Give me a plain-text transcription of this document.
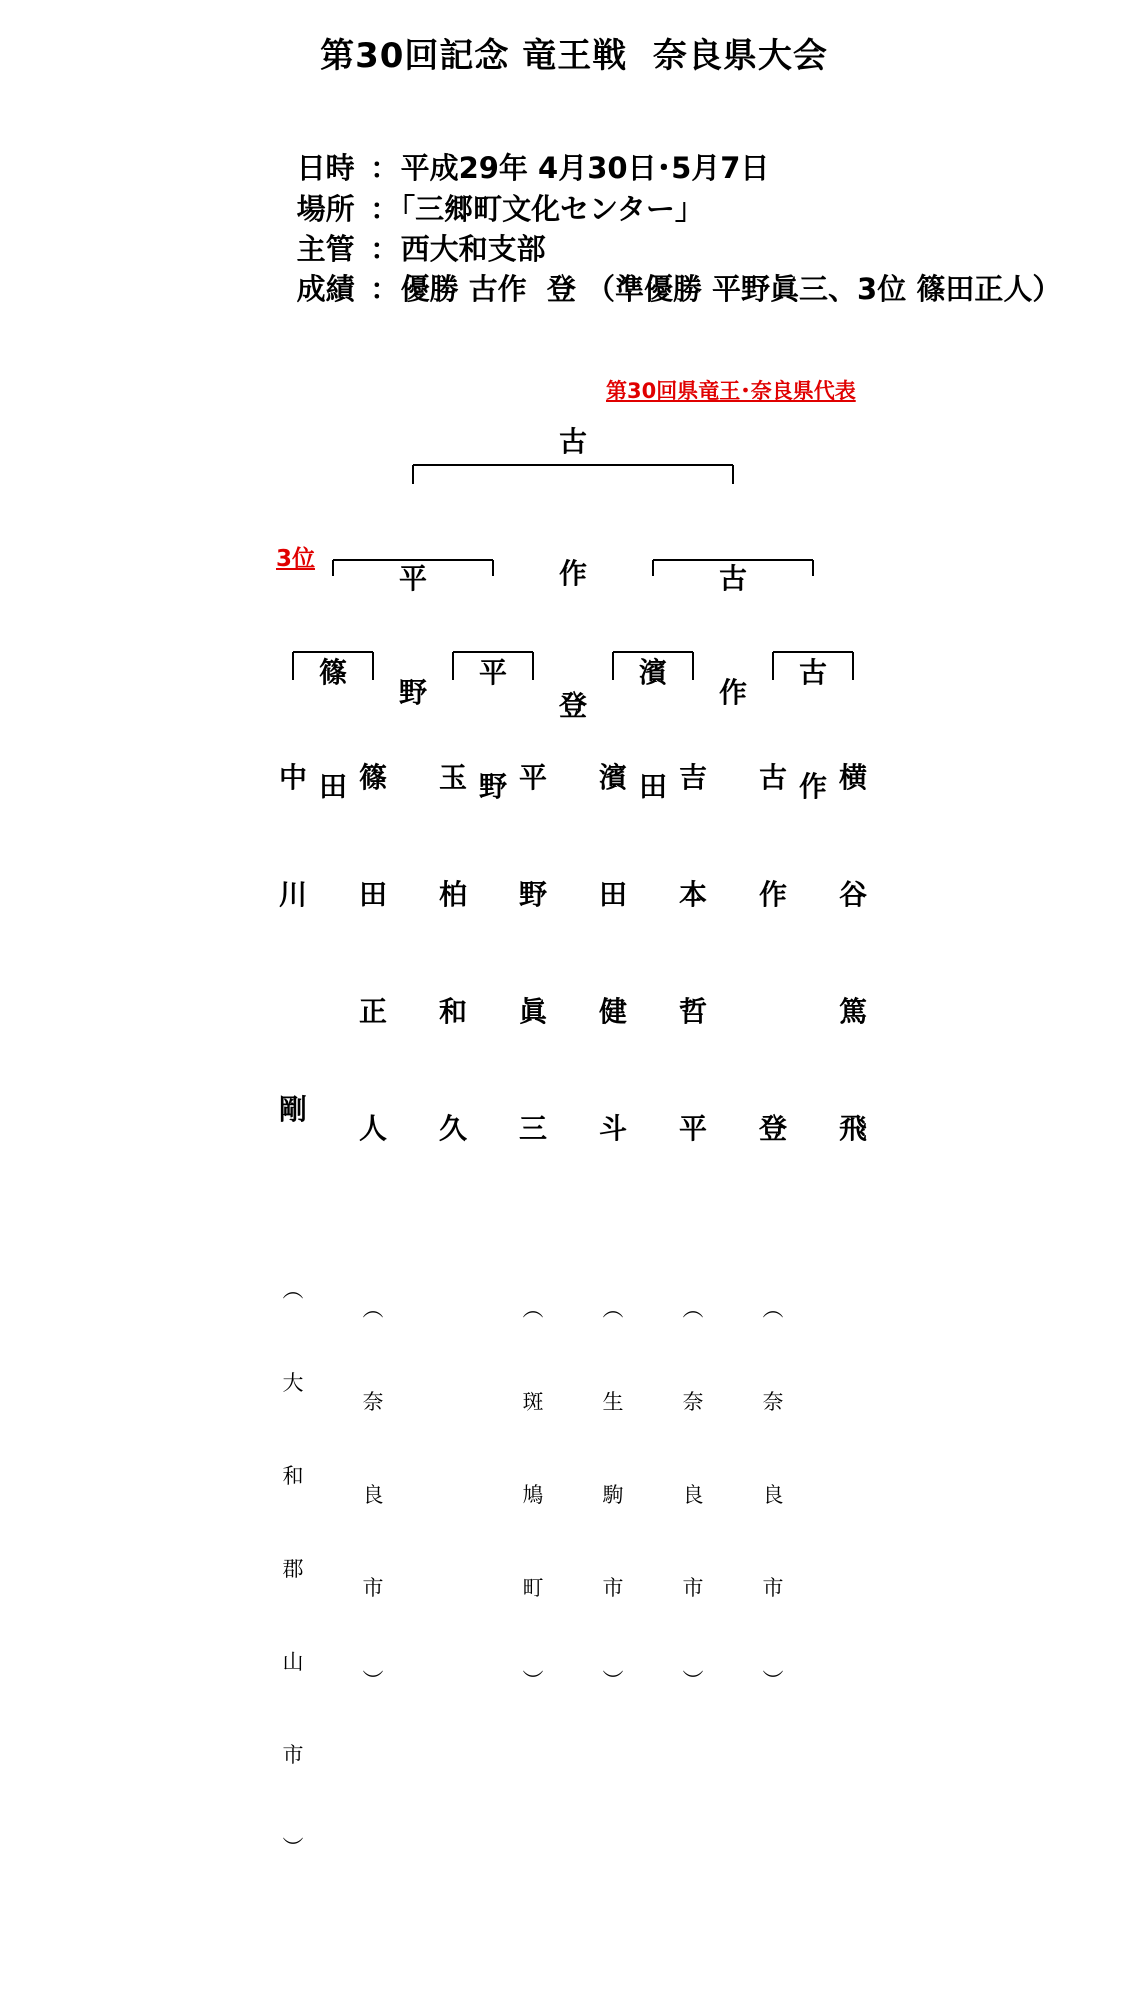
第30回記念 竜王戦  奈良県大会

日時 ：平成29年 4月30日･5月7日

場所 ：｢三郷町文化センター｣

主管 ：西大和支部

成績 ：優勝 古作  登 （準優勝 平野眞三、3位 篠田正人）

古

作

登

第30回県竜王･奈良県代表

平

野

古

作

3位

篠

田

平

野

濱

田

古

作

中

川

剛

︵

大

和

郡

山

市

︶

篠

田

正

人

︵

奈

良

市

︶

玉

柏

和

久

平

野

眞

三

︵

斑

鳩

町

︶

濱

田

健

斗

︵

生

駒

市

︶

吉

本

哲

平

︵

奈

良

市

︶

古

作

登

︵

奈

良

市

︶

横

谷

篤

飛
